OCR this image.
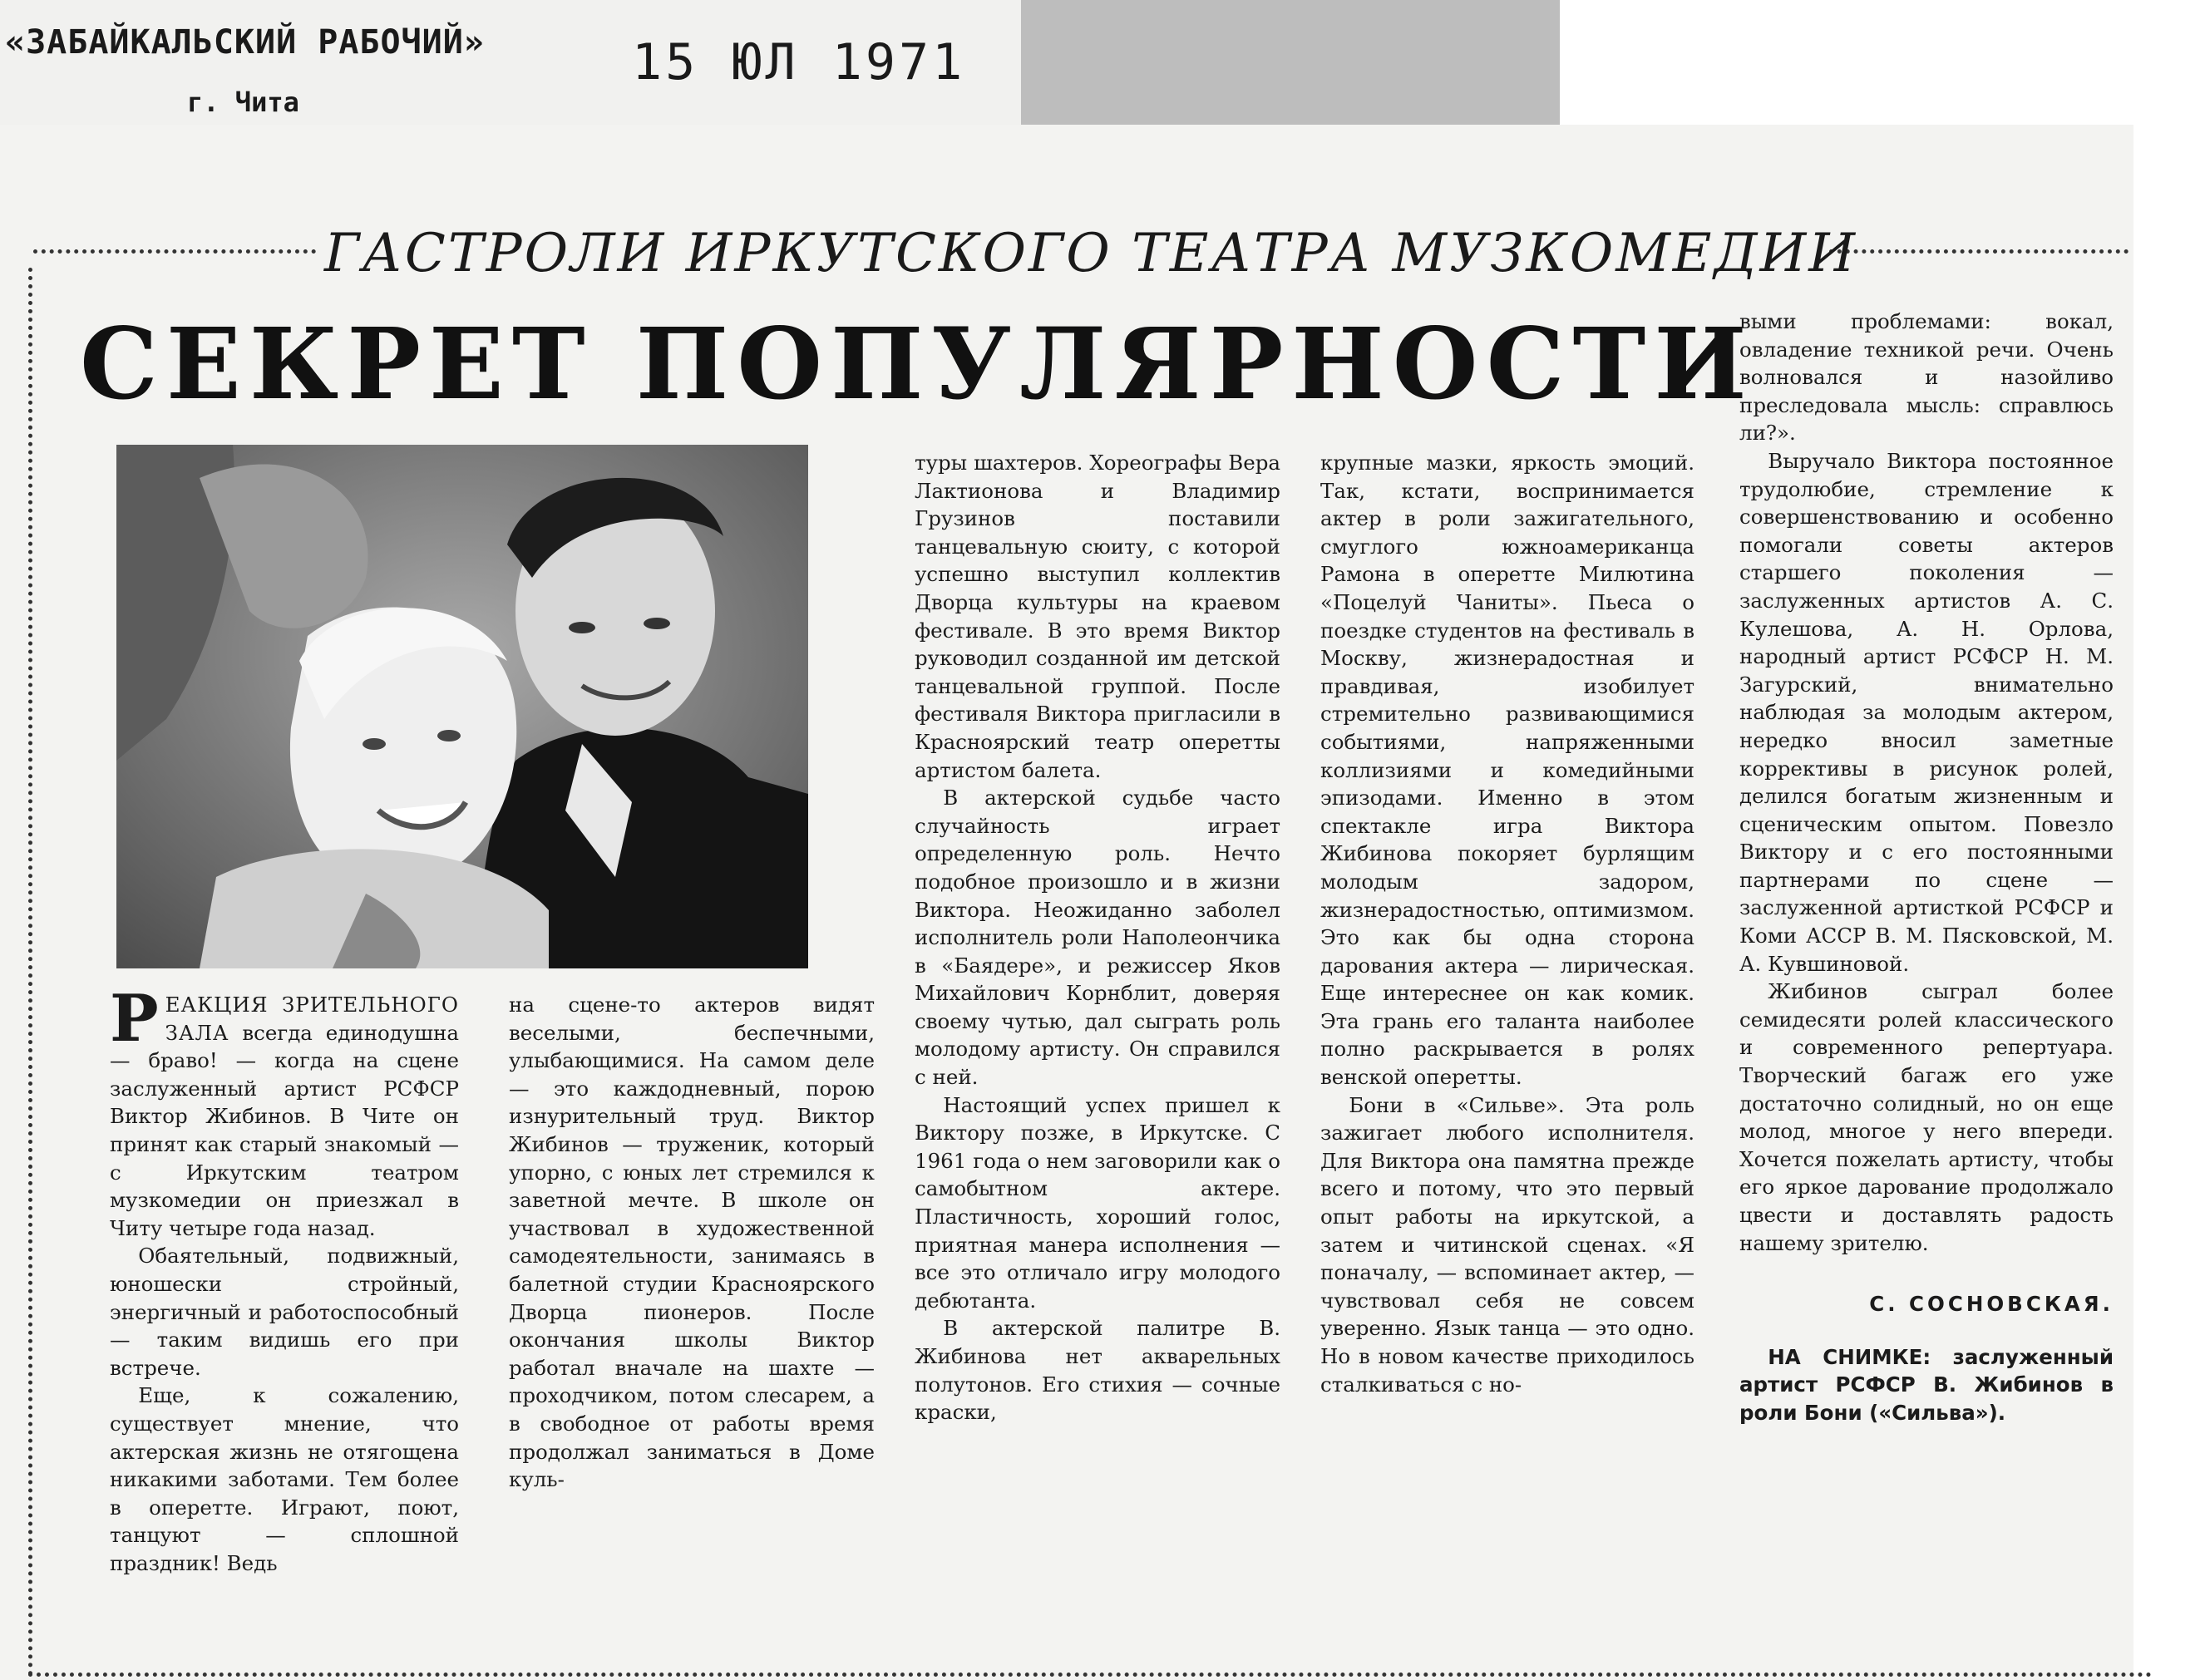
«ЗАБАЙКАЛЬСКИЙ РАБОЧИЙ»
г. Чита
15 ЮЛ 1971
ГАСТРОЛИ ИРКУТСКОГО ТЕАТРА МУЗКОМЕДИИ
СЕКРЕТ ПОПУЛЯРНОСТИ

РЕАКЦИЯ ЗРИТЕЛЬНОГО ЗАЛА всегда единодушна — браво! — когда на сцене заслуженный артист РСФСР Виктор Жибинов. В Чите он принят как старый знакомый — с Иркутским театром музкомедии он приезжал в Читу четыре года назад.

Обаятельный, подвижный, юношески стройный, энергичный и работоспособный — таким видишь его при встрече.

Еще, к сожалению, существует мнение, что актерская жизнь не отягощена никакими заботами. Тем более в оперетте. Играют, поют, танцуют — сплошной праздник! Ведь

на сцене-то актеров видят веселыми, беспечными, улыбающимися. На самом деле — это каждодневный, порою изнурительный труд. Виктор Жибинов — труженик, который упорно, с юных лет стремился к заветной мечте. В школе он участвовал в художественной самодеятельности, занимаясь в балетной студии Красноярского Дворца пионеров. После окончания школы Виктор работал вначале на шахте — проходчиком, потом слесарем, а в свободное от работы время продолжал заниматься в Доме куль-

туры шахтеров. Хореографы Вера Лактионова и Владимир Грузинов поставили танцевальную сюиту, с которой успешно выступил коллектив Дворца культуры на краевом фестивале. В это время Виктор руководил созданной им детской танцевальной группой. После фестиваля Виктора пригласили в Красноярский театр оперетты артистом балета.

В актерской судьбе часто случайность играет определенную роль. Нечто подобное произошло и в жизни Виктора. Неожиданно заболел исполнитель роли Наполеончика в «Баядере», и режиссер Яков Михайлович Корнблит, доверяя своему чутью, дал сыграть роль молодому артисту. Он справился с ней.

Настоящий успех пришел к Виктору позже, в Иркутске. С 1961 года о нем заговорили как о самобытном актере. Пластичность, хороший голос, приятная манера исполнения — все это отличало игру молодого дебютанта.

В актерской палитре В. Жибинова нет акварельных полутонов. Его стихия — сочные краски,

крупные мазки, яркость эмоций. Так, кстати, воспринимается актер в роли зажигательного, смуглого южноамериканца Рамона в оперетте Милютина «Поцелуй Чаниты». Пьеса о поездке студентов на фестиваль в Москву, жизнерадостная и правдивая, изобилует стремительно развивающимися событиями, напряженными коллизиями и комедийными эпизодами. Именно в этом спектакле игра Виктора Жибинова покоряет бурлящим молодым задором, жизнерадостностью, оптимизмом. Это как бы одна сторона дарования актера — лирическая. Еще интереснее он как комик. Эта грань его таланта наиболее полно раскрывается в ролях венской оперетты.

Бони в «Сильве». Эта роль зажигает любого исполнителя. Для Виктора она памятна прежде всего и потому, что это первый опыт работы на иркутской, а затем и читинской сценах. «Я поначалу, — вспоминает актер, — чувствовал себя не совсем уверенно. Язык танца — это одно. Но в новом качестве приходилось сталкиваться с но-

выми проблемами: вокал, овладение техникой речи. Очень волновался и назойливо преследовала мысль: справлюсь ли?».

Выручало Виктора постоянное трудолюбие, стремление к совершенствованию и особенно помогали советы актеров старшего поколения — заслуженных артистов А. С. Кулешова, А. Н. Орлова, народный артист РСФСР Н. М. Загурский, внимательно наблюдая за молодым актером, нередко вносил заметные коррективы в рисунок ролей, делился богатым жизненным и сценическим опытом. Повезло Виктору и с его постоянными партнерами по сцене — заслуженной артисткой РСФСР и Коми АССР В. М. Пясковской, М. А. Кувшиновой.

Жибинов сыграл более семидесяти ролей классического и современного репертуара. Творческий багаж его уже достаточно солидный, но он еще молод, многое у него впереди. Хочется пожелать артисту, чтобы его яркое дарование продолжало цвести и доставлять радость нашему зрителю.

С. СОСНОВСКАЯ.

НА СНИМКЕ: заслуженный артист РСФСР В. Жибинов в роли Бони («Сильва»).
